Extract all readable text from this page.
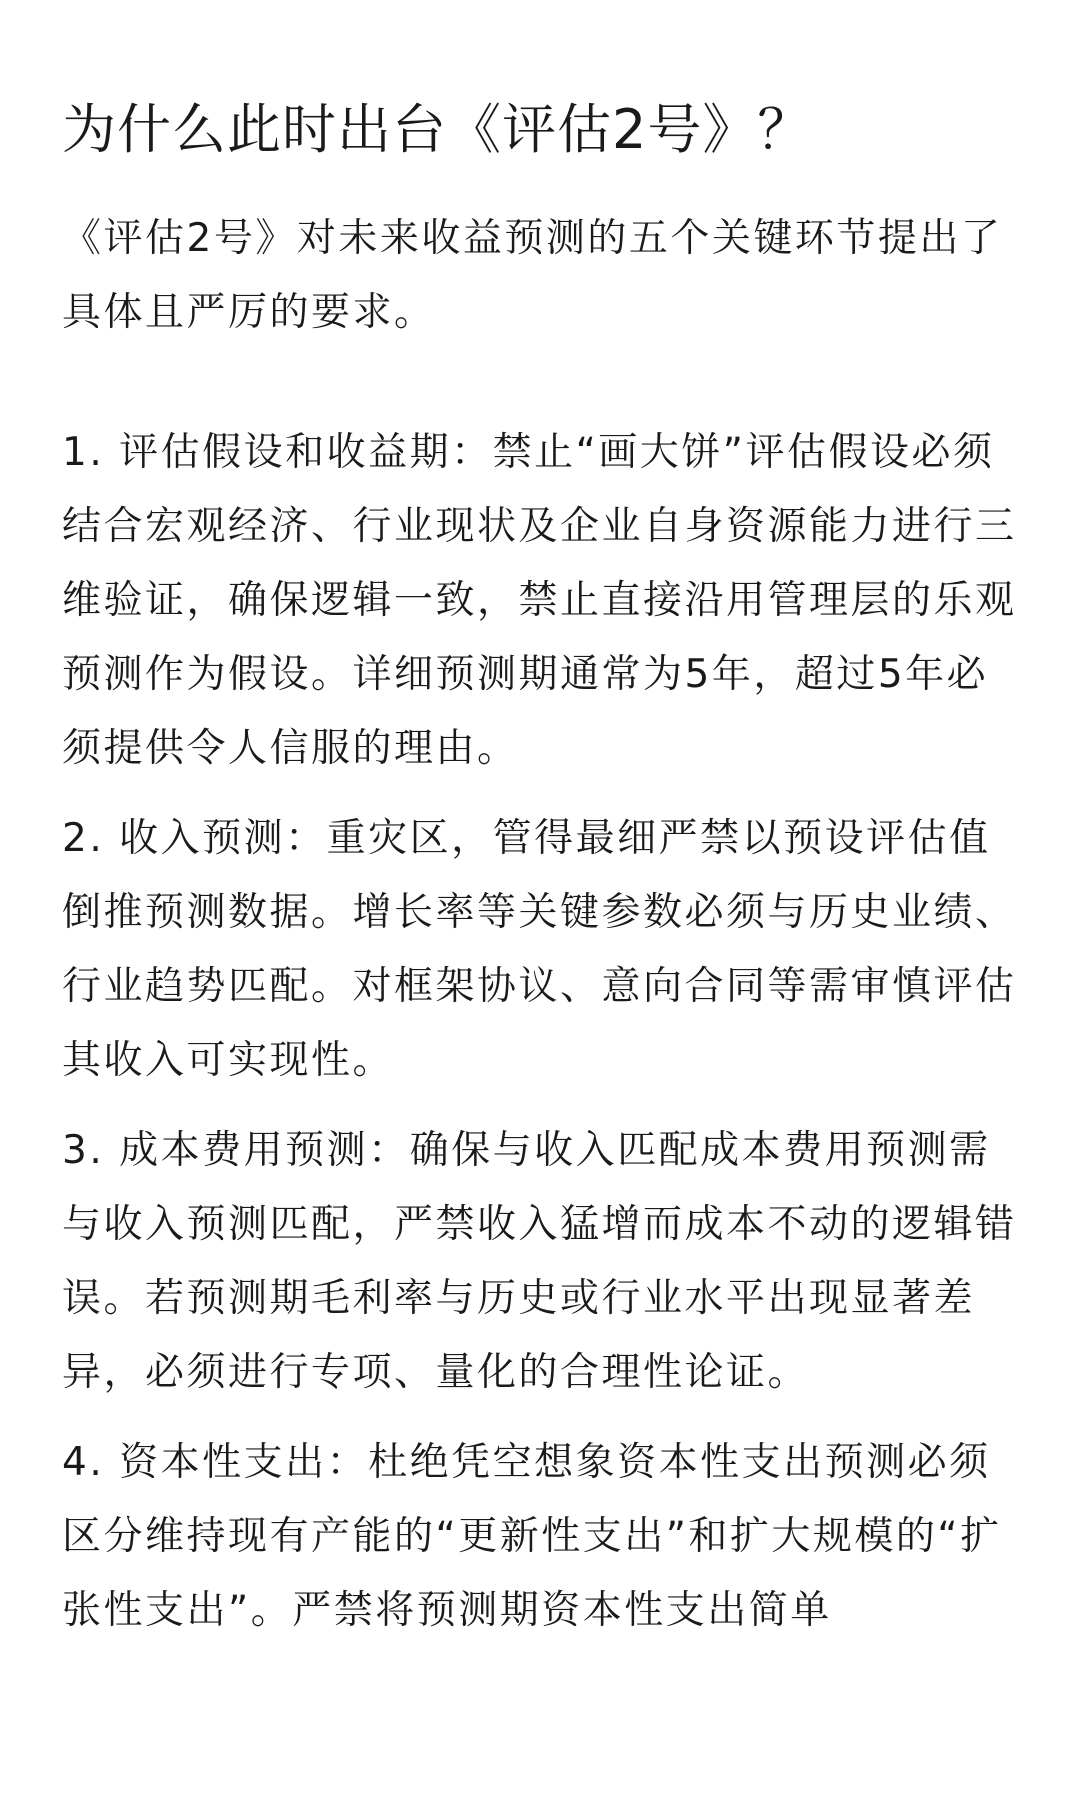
为什么此时出台《评估2号》？

《评估2号》对未来收益预测的五个关键环节提出了具体且严厉的要求。

1. 评估假设和收益期：禁止“画大饼”评估假设必须结合宏观经济、行业现状及企业自身资源能力进行三维验证，确保逻辑一致，禁止直接沿用管理层的乐观预测作为假设。详细预测期通常为5年，超过5年必须提供令人信服的理由。

2. 收入预测：重灾区，管得最细严禁以预设评估值倒推预测数据。增长率等关键参数必须与历史业绩、行业趋势匹配。对框架协议、意向合同等需审慎评估其收入可实现性。

3. 成本费用预测：确保与收入匹配成本费用预测需与收入预测匹配，严禁收入猛增而成本不动的逻辑错误。若预测期毛利率与历史或行业水平出现显著差异，必须进行专项、量化的合理性论证。

4. 资本性支出：杜绝凭空想象资本性支出预测必须区分维持现有产能的“更新性支出”和扩大规模的“扩张性支出”。严禁将预测期资本性支出简单
